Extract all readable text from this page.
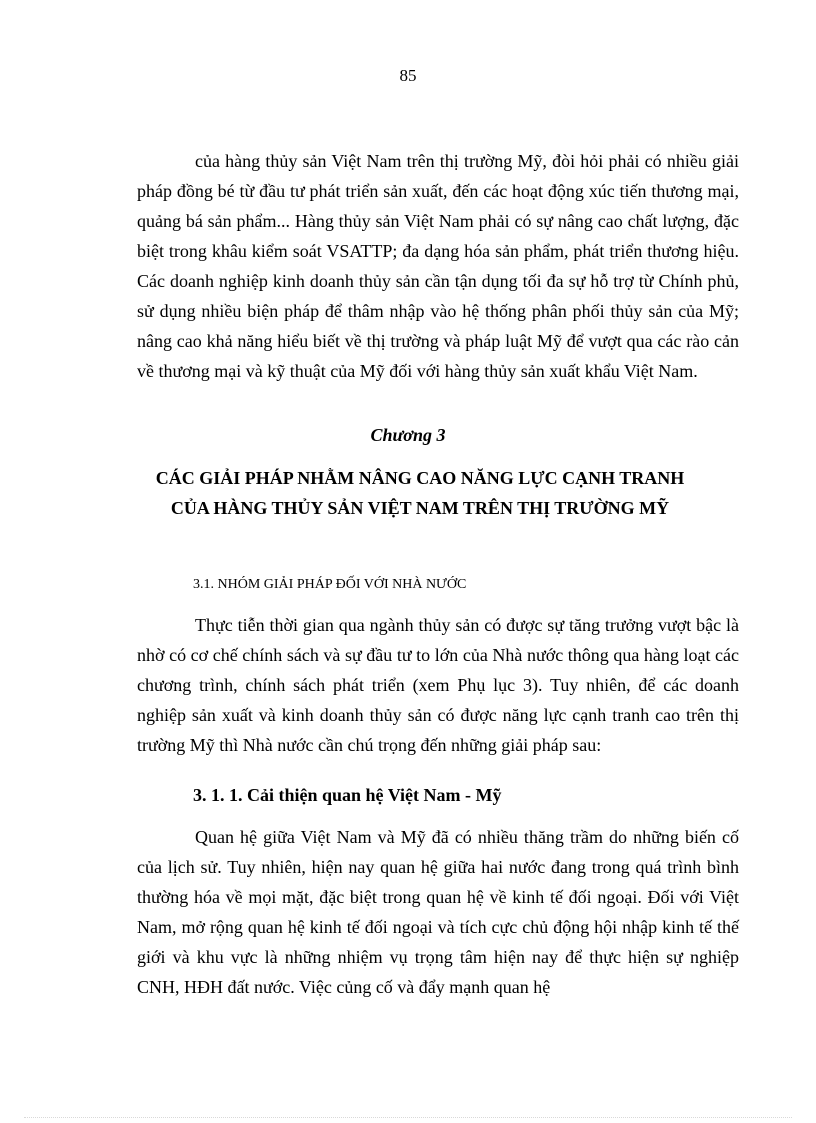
85

của hàng thủy sản Việt Nam trên thị trường Mỹ, đòi hỏi phải có nhiều giải pháp đồng bé từ đầu tư phát triển sản xuất, đến các hoạt động xúc tiến thương mại, quảng bá sản phẩm... Hàng thủy sản Việt Nam phải có sự nâng cao chất lượng, đặc biệt trong khâu kiểm soát VSATTP; đa dạng hóa sản phẩm, phát triển thương hiệu. Các doanh nghiệp kinh doanh thủy sản cần tận dụng tối đa sự hỗ trợ từ Chính phủ, sử dụng nhiều biện pháp để thâm nhập vào hệ thống phân phối thủy sản của Mỹ; nâng cao khả năng hiểu biết về thị trường và pháp luật Mỹ để vượt qua các rào cản về thương mại và kỹ thuật của Mỹ đối với hàng thủy sản xuất khẩu Việt Nam.

Chương 3

CÁC GIẢI PHÁP NHẰM NÂNG CAO NĂNG LỰC CẠNH TRANH
CỦA HÀNG THỦY SẢN VIỆT NAM TRÊN THỊ TRƯỜNG MỸ

3.1. NHÓM GIẢI PHÁP ĐỐI VỚI NHÀ NƯỚC

Thực tiễn thời gian qua ngành thủy sản có được sự tăng trưởng vượt bậc là nhờ có cơ chế chính sách và sự đầu tư to lớn của Nhà nước thông qua hàng loạt các chương trình, chính sách phát triển (xem Phụ lục 3). Tuy nhiên, để các doanh nghiệp sản xuất và kinh doanh thủy sản có được năng lực cạnh tranh cao trên thị trường Mỹ thì Nhà nước cần chú trọng đến những giải pháp sau:

3. 1. 1. Cải thiện quan hệ Việt Nam - Mỹ

Quan hệ giữa Việt Nam và Mỹ đã có nhiều thăng trầm do những biến cố của lịch sử. Tuy nhiên, hiện nay quan hệ giữa hai nước đang trong quá trình bình thường hóa về mọi mặt, đặc biệt trong quan hệ về kinh tế đối ngoại. Đối với Việt Nam, mở rộng quan hệ kinh tế đối ngoại và tích cực chủ động hội nhập kinh tế thế giới và khu vực là những nhiệm vụ trọng tâm hiện nay để thực hiện sự nghiệp CNH, HĐH đất nước. Việc củng cố và đẩy mạnh quan hệ
